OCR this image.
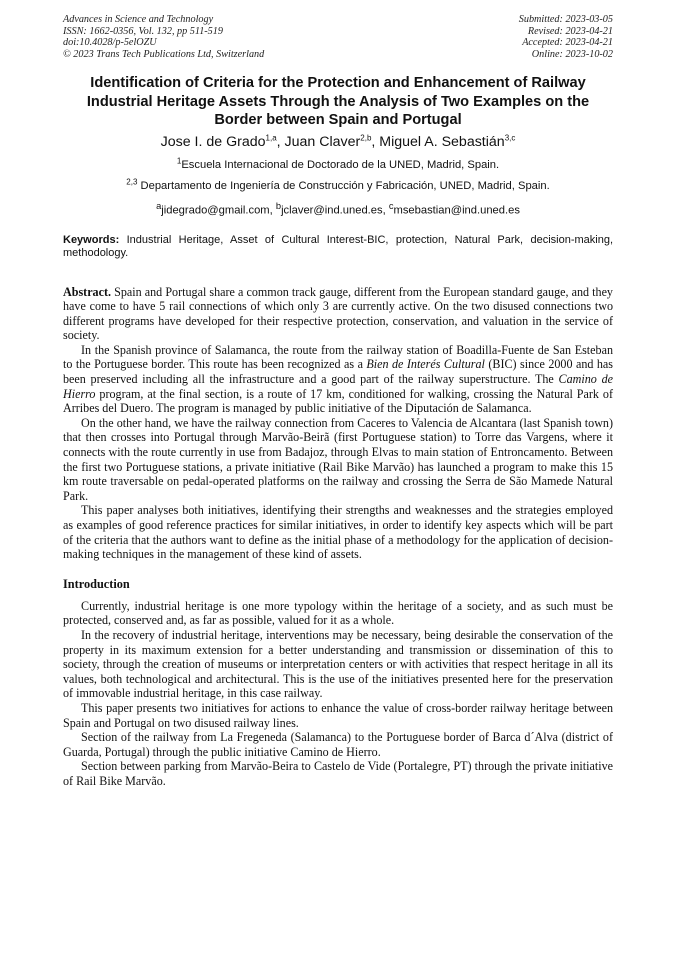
Advances in Science and Technology
ISSN: 1662-0356, Vol. 132, pp 511-519
doi:10.4028/p-5elOZU
© 2023 Trans Tech Publications Ltd, Switzerland
Submitted: 2023-03-05
Revised: 2023-04-21
Accepted: 2023-04-21
Online: 2023-10-02
Identification of Criteria for the Protection and Enhancement of Railway Industrial Heritage Assets Through the Analysis of Two Examples on the Border between Spain and Portugal
Jose I. de Grado$^{1,a}$, Juan Claver$^{2,b}$, Miguel A. Sebastián$^{3,c}$
$^1$Escuela Internacional de Doctorado de la UNED, Madrid, Spain.
$^{2,3}$ Departamento de Ingeniería de Construcción y Fabricación, UNED, Madrid, Spain.
$^a$jidegrado@gmail.com, $^b$jclaver@ind.uned.es, $^c$msebastian@ind.uned.es
Keywords: Industrial Heritage, Asset of Cultural Interest-BIC, protection, Natural Park, decision-making, methodology.

Abstract. Spain and Portugal share a common track gauge, different from the European standard gauge, and they have come to have 5 rail connections of which only 3 are currently active. On the two disused connections two different programs have developed for their respective protection, conservation, and valuation in the service of society.

In the Spanish province of Salamanca, the route from the railway station of Boadilla-Fuente de San Esteban to the Portuguese border. This route has been recognized as a Bien de Interés Cultural (BIC) since 2000 and has been preserved including all the infrastructure and a good part of the railway superstructure. The Camino de Hierro program, at the final section, is a route of 17 km, conditioned for walking, crossing the Natural Park of Arribes del Duero. The program is managed by public initiative of the Diputación de Salamanca.

On the other hand, we have the railway connection from Caceres to Valencia de Alcantara (last Spanish town) that then crosses into Portugal through Marvão-Beirã (first Portuguese station) to Torre das Vargens, where it connects with the route currently in use from Badajoz, through Elvas to main station of Entroncamento. Between the first two Portuguese stations, a private initiative (Rail Bike Marvão) has launched a program to make this 15 km route traversable on pedal-operated platforms on the railway and crossing the Serra de São Mamede Natural Park.

This paper analyses both initiatives, identifying their strengths and weaknesses and the strategies employed as examples of good reference practices for similar initiatives, in order to identify key aspects which will be part of the criteria that the authors want to define as the initial phase of a methodology for the application of decision-making techniques in the management of these kind of assets.

Introduction

Currently, industrial heritage is one more typology within the heritage of a society, and as such must be protected, conserved and, as far as possible, valued for it as a whole.

In the recovery of industrial heritage, interventions may be necessary, being desirable the conservation of the property in its maximum extension for a better understanding and transmission or dissemination of this to society, through the creation of museums or interpretation centers or with activities that respect heritage in all its values, both technological and architectural. This is the use of the initiatives presented here for the preservation of immovable industrial heritage, in this case railway.

This paper presents two initiatives for actions to enhance the value of cross-border railway heritage between Spain and Portugal on two disused railway lines.

Section of the railway from La Fregeneda (Salamanca) to the Portuguese border of Barca d´Alva (district of Guarda, Portugal) through the public initiative Camino de Hierro.

Section between parking from Marvão-Beira to Castelo de Vide (Portalegre, PT) through the private initiative of Rail Bike Marvão.
